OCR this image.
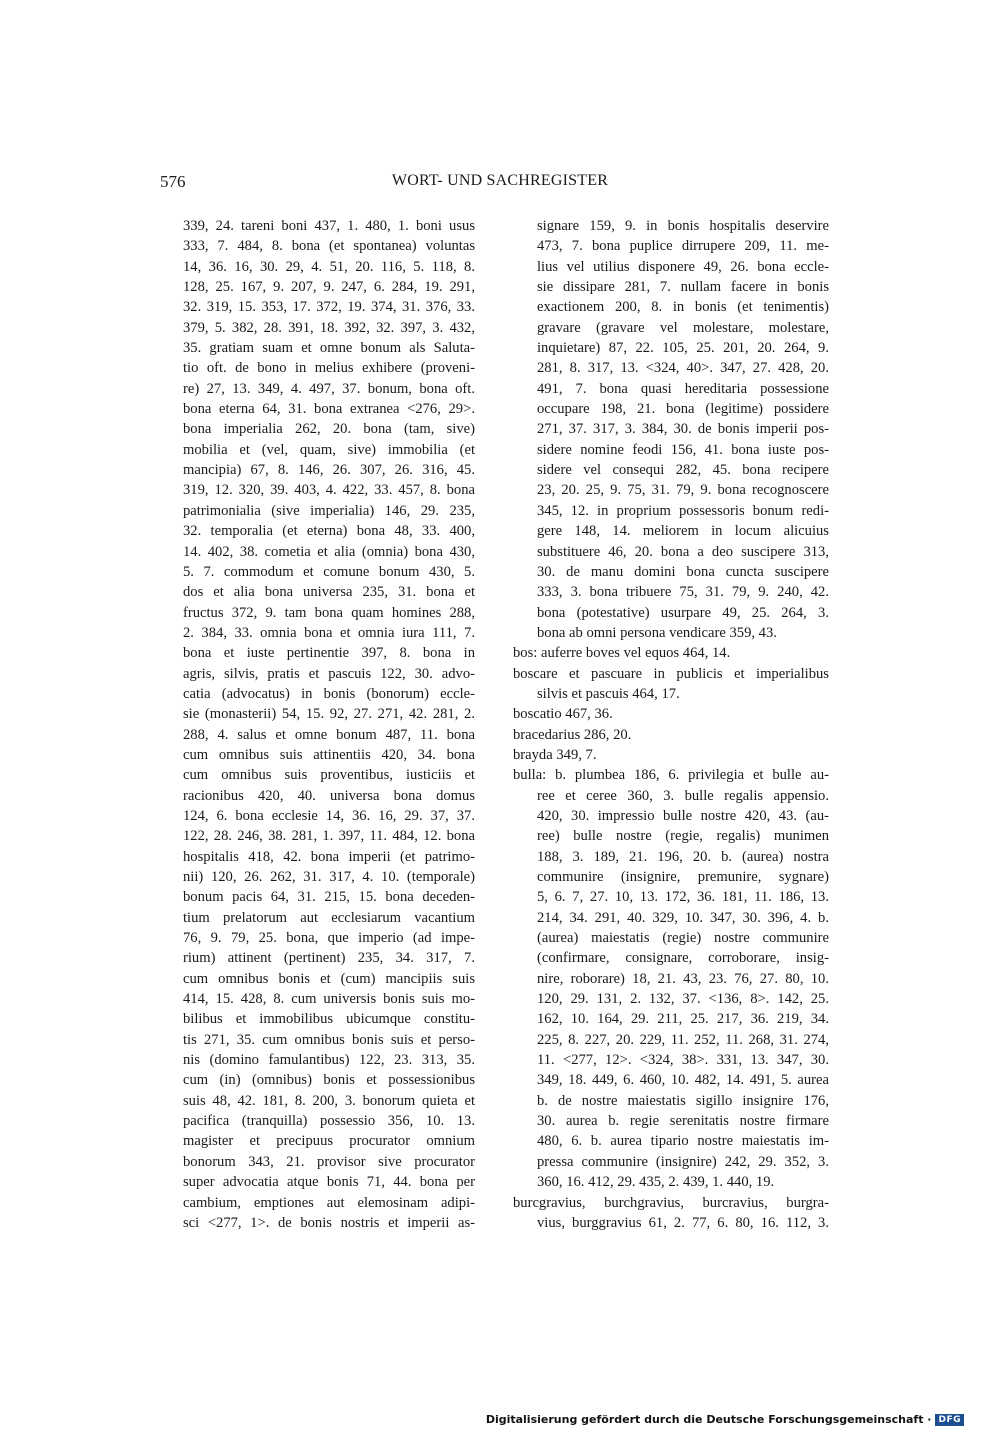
576	WORT- UND SACHREGISTER
339, 24. tareni boni 437, 1. 480, 1. boni usus
333, 7. 484, 8. bona (et spontanea) voluntas
14, 36. 16, 30. 29, 4. 51, 20. 116, 5. 118, 8.
128, 25. 167, 9. 207, 9. 247, 6. 284, 19. 291,
32. 319, 15. 353, 17. 372, 19. 374, 31. 376, 33.
379, 5. 382, 28. 391, 18. 392, 32. 397, 3. 432,
35. gratiam suam et omne bonum als Saluta-
tio oft. de bono in melius exhibere (proveni-
re) 27, 13. 349, 4. 497, 37. bonum, bona oft.
bona eterna 64, 31. bona extranea <276, 29>.
bona imperialia 262, 20. bona (tam, sive)
mobilia et (vel, quam, sive) immobilia (et
mancipia) 67, 8. 146, 26. 307, 26. 316, 45.
319, 12. 320, 39. 403, 4. 422, 33. 457, 8. bona
patrimonialia (sive imperialia) 146, 29. 235,
32. temporalia (et eterna) bona 48, 33. 400,
14. 402, 38. cometia et alia (omnia) bona 430,
5. 7. commodum et comune bonum 430, 5.
dos et alia bona universa 235, 31. bona et
fructus 372, 9. tam bona quam homines 288,
2. 384, 33. omnia bona et omnia iura 111, 7.
bona et iuste pertinentie 397, 8. bona in
agris, silvis, pratis et pascuis 122, 30. advo-
catia (advocatus) in bonis (bonorum) eccle-
sie (monasterii) 54, 15. 92, 27. 271, 42. 281, 2.
288, 4. salus et omne bonum 487, 11. bona
cum omnibus suis attinentiis 420, 34. bona
cum omnibus suis proventibus, iusticiis et
racionibus 420, 40. universa bona domus
124, 6. bona ecclesie 14, 36. 16, 29. 37, 37.
122, 28. 246, 38. 281, 1. 397, 11. 484, 12. bona
hospitalis 418, 42. bona imperii (et patrimo-
nii) 120, 26. 262, 31. 317, 4. 10. (temporale)
bonum pacis 64, 31. 215, 15. bona deceden-
tium prelatorum aut ecclesiarum vacantium
76, 9. 79, 25. bona, que imperio (ad impe-
rium) attinent (pertinent) 235, 34. 317, 7.
cum omnibus bonis et (cum) mancipiis suis
414, 15. 428, 8. cum universis bonis suis mo-
bilibus et immobilibus ubicumque constitu-
tis 271, 35. cum omnibus bonis suis et perso-
nis (domino famulantibus) 122, 23. 313, 35.
cum (in) (omnibus) bonis et possessionibus
suis 48, 42. 181, 8. 200, 3. bonorum quieta et
pacifica (tranquilla) possessio 356, 10. 13.
magister et precipuus procurator omnium
bonorum 343, 21. provisor sive procurator
super advocatia atque bonis 71, 44. bona per
cambium, emptiones aut elemosinam adipi-
sci <277, 1>. de bonis nostris et imperii as-
signare 159, 9. in bonis hospitalis deservire
473, 7. bona puplice dirrupere 209, 11. me-
lius vel utilius disponere 49, 26. bona eccle-
sie dissipare 281, 7. nullam facere in bonis
exactionem 200, 8. in bonis (et tenimentis)
gravare (gravare vel molestare, molestare,
inquietare) 87, 22. 105, 25. 201, 20. 264, 9.
281, 8. 317, 13. <324, 40>. 347, 27. 428, 20.
491, 7. bona quasi hereditaria possessione
occupare 198, 21. bona (legitime) possidere
271, 37. 317, 3. 384, 30. de bonis imperii pos-
sidere nomine feodi 156, 41. bona iuste pos-
sidere vel consequi 282, 45. bona recipere
23, 20. 25, 9. 75, 31. 79, 9. bona recognoscere
345, 12. in proprium possessoris bonum redi-
gere 148, 14. meliorem in locum alicuius
substituere 46, 20. bona a deo suscipere 313,
30. de manu domini bona cuncta suscipere
333, 3. bona tribuere 75, 31. 79, 9. 240, 42.
bona (potestative) usurpare 49, 25. 264, 3.
bona ab omni persona vendicare 359, 43.
bos: auferre boves vel equos 464, 14.
boscare et pascuare in publicis et imperialibus
silvis et pascuis 464, 17.
boscatio 467, 36.
bracedarius 286, 20.
brayda 349, 7.
bulla: b. plumbea 186, 6. privilegia et bulle au-
ree et ceree 360, 3. bulle regalis appensio.
420, 30. impressio bulle nostre 420, 43. (au-
ree) bulle nostre (regie, regalis) munimen
188, 3. 189, 21. 196, 20. b. (aurea) nostra
communire (insignire, premunire, sygnare)
5, 6. 7, 27. 10, 13. 172, 36. 181, 11. 186, 13.
214, 34. 291, 40. 329, 10. 347, 30. 396, 4. b.
(aurea) maiestatis (regie) nostre communire
(confirmare, consignare, corroborare, insig-
nire, roborare) 18, 21. 43, 23. 76, 27. 80, 10.
120, 29. 131, 2. 132, 37. <136, 8>. 142, 25.
162, 10. 164, 29. 211, 25. 217, 36. 219, 34.
225, 8. 227, 20. 229, 11. 252, 11. 268, 31. 274,
11. <277, 12>. <324, 38>. 331, 13. 347, 30.
349, 18. 449, 6. 460, 10. 482, 14. 491, 5. aurea
b. de nostre maiestatis sigillo insignire 176,
30. aurea b. regie serenitatis nostre firmare
480, 6. b. aurea tipario nostre maiestatis im-
pressa communire (insignire) 242, 29. 352, 3.
360, 16. 412, 29. 435, 2. 439, 1. 440, 19.
burcgravius, burchgravius, burcravius, burgra-
vius, burggravius 61, 2. 77, 6. 80, 16. 112, 3.
Digitalisierung gefördert durch die Deutsche Forschungsgemeinschaft · DFG
